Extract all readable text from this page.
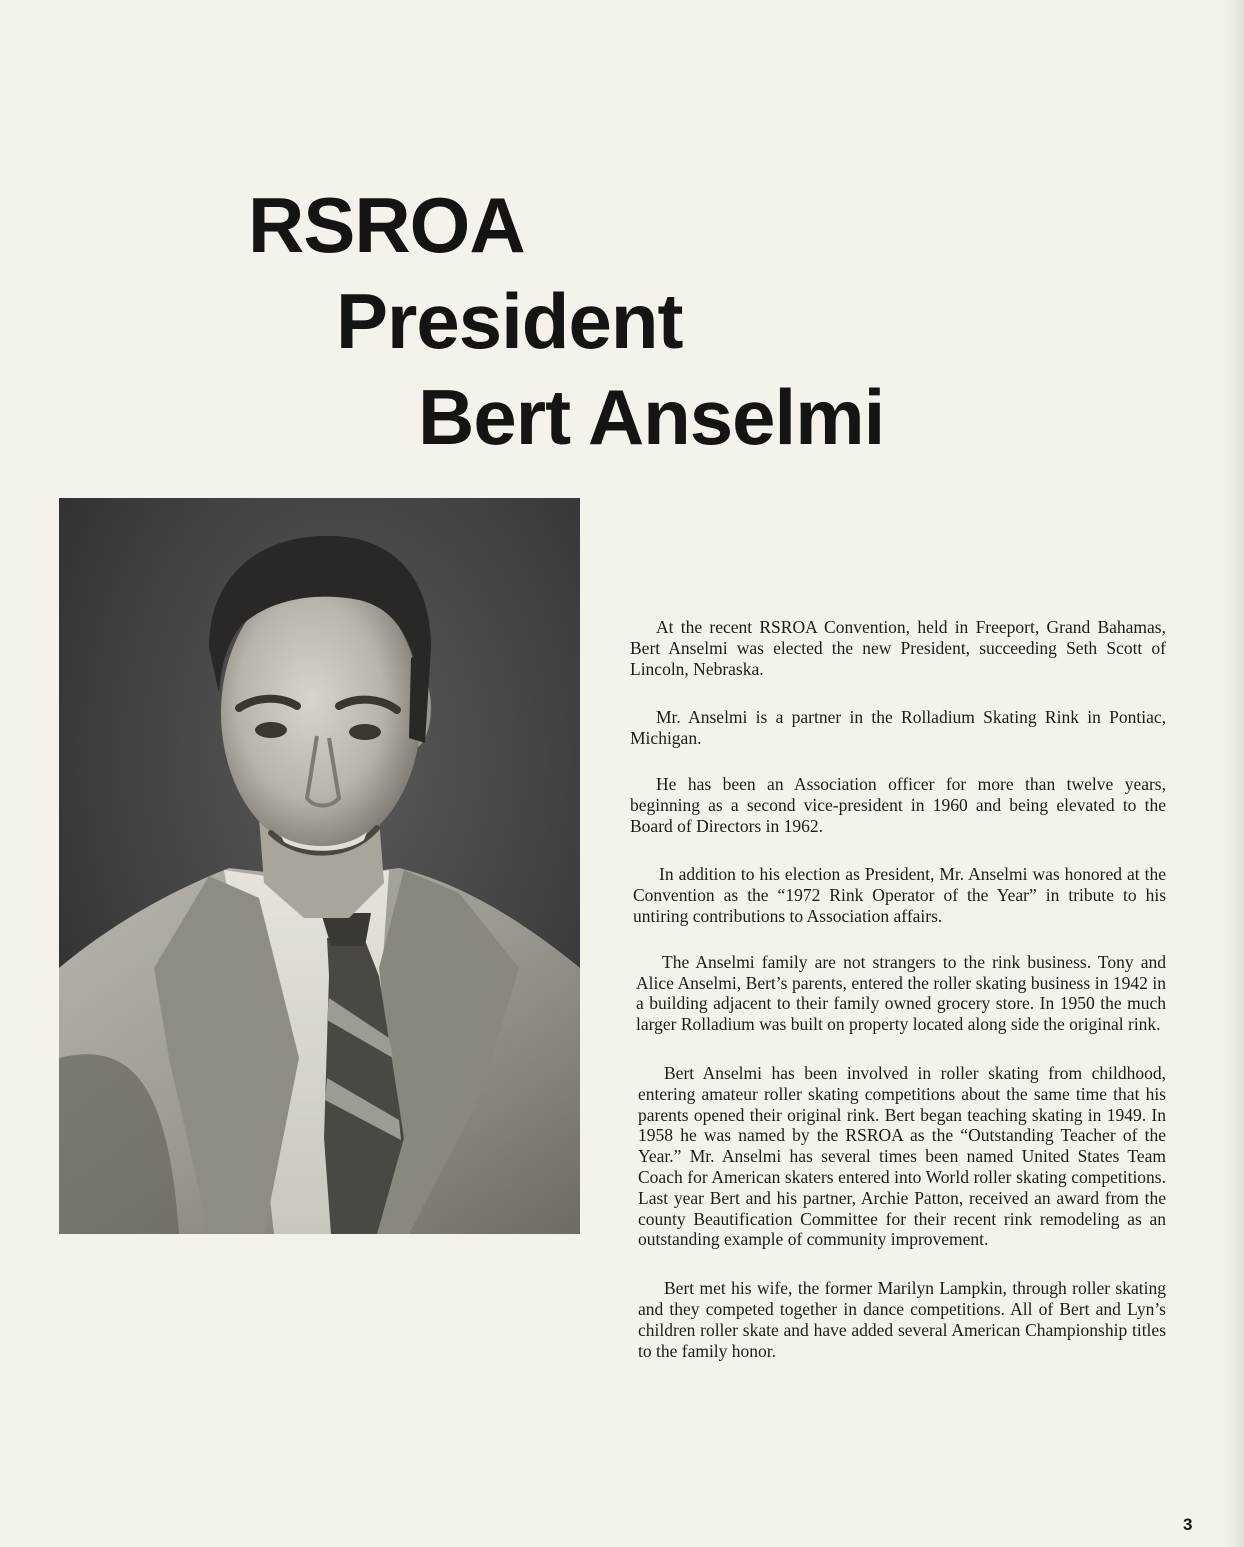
RSROA
President
Bert Anselmi

At the recent RSROA Convention, held in Freeport, Grand Bahamas, Bert Anselmi was elected the new President, succeeding Seth Scott of Lincoln, Nebraska.

Mr. Anselmi is a partner in the Rolladium Skating Rink in Pontiac, Michigan.

He has been an Association officer for more than twelve years, beginning as a second vice-president in 1960 and being elevated to the Board of Directors in 1962.

In addition to his election as President, Mr. Anselmi was honored at the Convention as the “1972 Rink Operator of the Year” in tribute to his untiring contributions to Association affairs.

The Anselmi family are not strangers to the rink business. Tony and Alice Anselmi, Bert’s parents, entered the roller skating business in 1942 in a building adjacent to their family owned grocery store. In 1950 the much larger Rolladium was built on property located along side the original rink.

Bert Anselmi has been involved in roller skating from childhood, entering amateur roller skating competitions about the same time that his parents opened their original rink. Bert began teaching skating in 1949. In 1958 he was named by the RSROA as the “Outstanding Teacher of the Year.” Mr. Anselmi has several times been named United States Team Coach for American skaters entered into World roller skating competitions. Last year Bert and his partner, Archie Patton, received an award from the county Beautification Committee for their recent rink remodeling as an outstanding example of community improvement.

Bert met his wife, the former Marilyn Lampkin, through roller skating and they competed together in dance competitions. All of Bert and Lyn’s children roller skate and have added several American Championship titles to the family honor.

3
